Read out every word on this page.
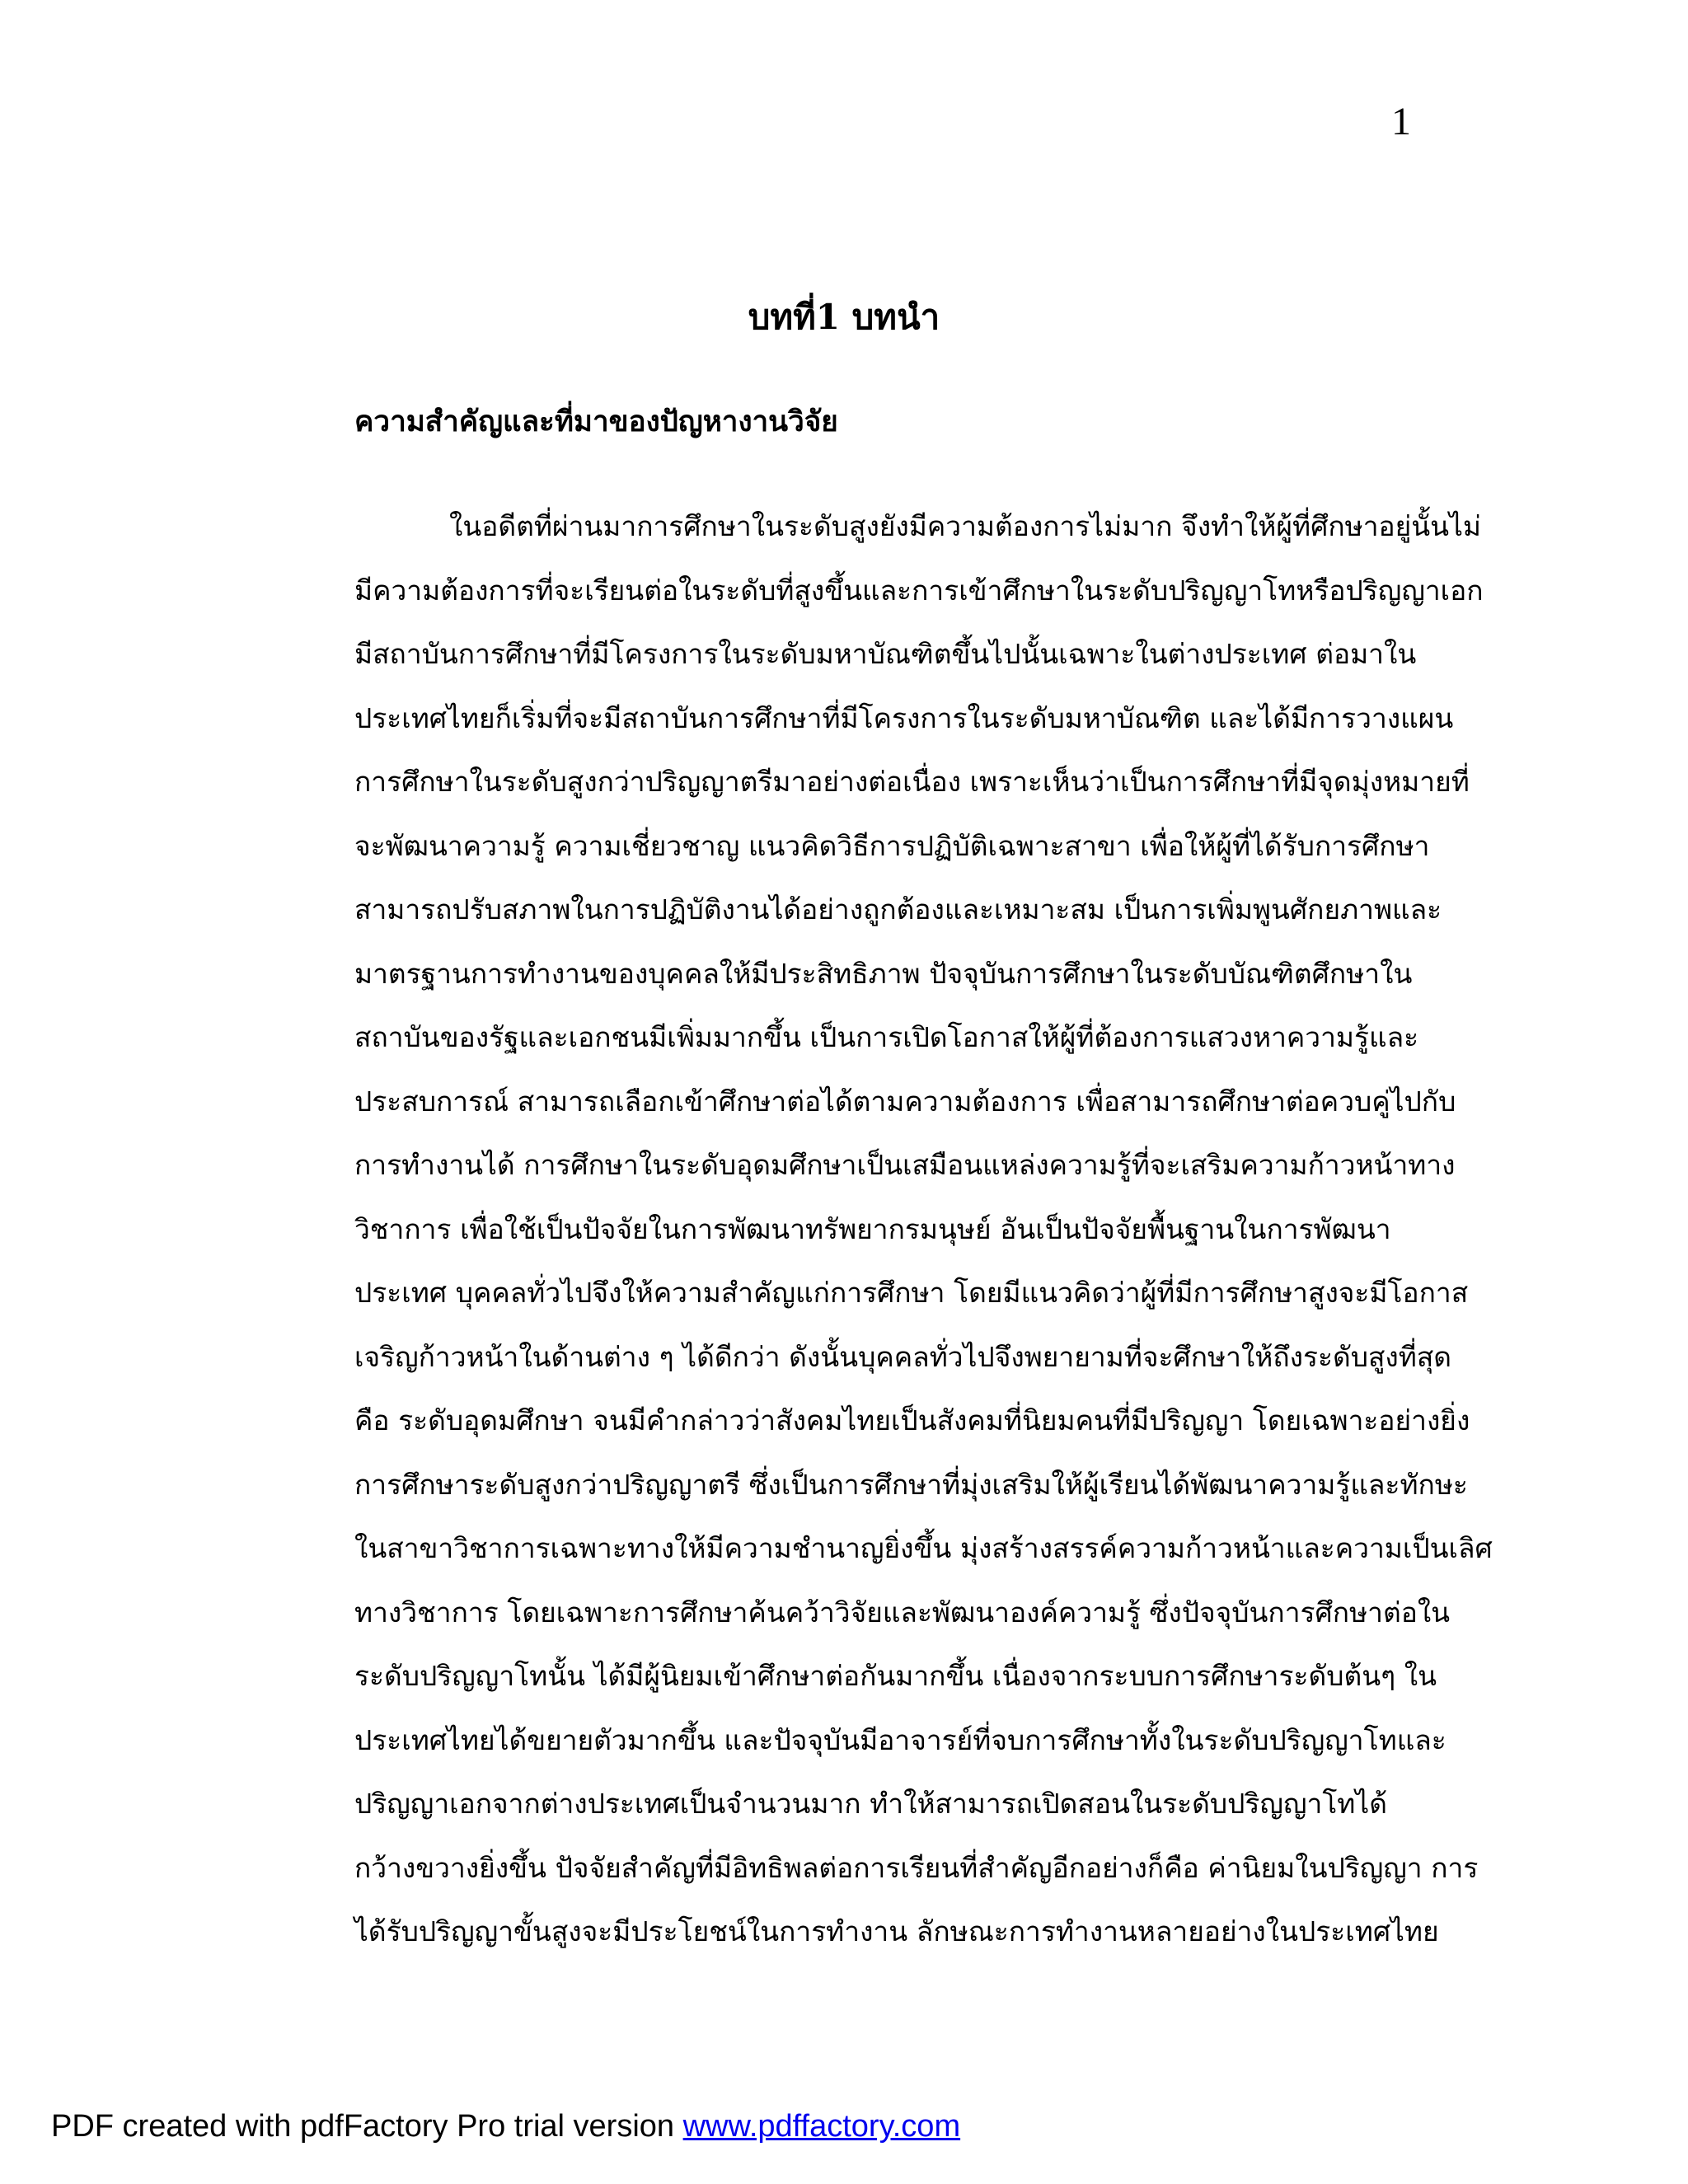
1
บทที่1 บทนำ
ความสำคัญและที่มาของปัญหางานวิจัย
ในอดีตที่ผ่านมาการศึกษาในระดับสูงยังมีความต้องการไม่มาก จึงทำให้ผู้ที่ศึกษาอยู่นั้นไม่
มีความต้องการที่จะเรียนต่อในระดับที่สูงขึ้นและการเข้าศึกษาในระดับปริญญาโทหรือปริญญาเอก
มีสถาบันการศึกษาที่มีโครงการในระดับมหาบัณฑิตขึ้นไปนั้นเฉพาะในต่างประเทศ ต่อมาใน
ประเทศไทยก็เริ่มที่จะมีสถาบันการศึกษาที่มีโครงการในระดับมหาบัณฑิต และได้มีการวางแผน
การศึกษาในระดับสูงกว่าปริญญาตรีมาอย่างต่อเนื่อง เพราะเห็นว่าเป็นการศึกษาที่มีจุดมุ่งหมายที่
จะพัฒนาความรู้ ความเชี่ยวชาญ แนวคิดวิธีการปฏิบัติเฉพาะสาขา เพื่อให้ผู้ที่ได้รับการศึกษา
สามารถปรับสภาพในการปฏิบัติงานได้อย่างถูกต้องและเหมาะสม เป็นการเพิ่มพูนศักยภาพและ
มาตรฐานการทำงานของบุคคลให้มีประสิทธิภาพ ปัจจุบันการศึกษาในระดับบัณฑิตศึกษาใน
สถาบันของรัฐและเอกชนมีเพิ่มมากขึ้น เป็นการเปิดโอกาสให้ผู้ที่ต้องการแสวงหาความรู้และ
ประสบการณ์ สามารถเลือกเข้าศึกษาต่อได้ตามความต้องการ เพื่อสามารถศึกษาต่อควบคู่ไปกับ
การทำงานได้ การศึกษาในระดับอุดมศึกษาเป็นเสมือนแหล่งความรู้ที่จะเสริมความก้าวหน้าทาง
วิชาการ เพื่อใช้เป็นปัจจัยในการพัฒนาทรัพยากรมนุษย์ อันเป็นปัจจัยพื้นฐานในการพัฒนา
ประเทศ บุคคลทั่วไปจึงให้ความสำคัญแก่การศึกษา โดยมีแนวคิดว่าผู้ที่มีการศึกษาสูงจะมีโอกาส
เจริญก้าวหน้าในด้านต่าง ๆ ได้ดีกว่า ดังนั้นบุคคลทั่วไปจึงพยายามที่จะศึกษาให้ถึงระดับสูงที่สุด
คือ ระดับอุดมศึกษา จนมีคำกล่าวว่าสังคมไทยเป็นสังคมที่นิยมคนที่มีปริญญา โดยเฉพาะอย่างยิ่ง
การศึกษาระดับสูงกว่าปริญญาตรี ซึ่งเป็นการศึกษาที่มุ่งเสริมให้ผู้เรียนได้พัฒนาความรู้และทักษะ
ในสาขาวิชาการเฉพาะทางให้มีความชำนาญยิ่งขึ้น มุ่งสร้างสรรค์ความก้าวหน้าและความเป็นเลิศ
ทางวิชาการ โดยเฉพาะการศึกษาค้นคว้าวิจัยและพัฒนาองค์ความรู้ ซึ่งปัจจุบันการศึกษาต่อใน
ระดับปริญญาโทนั้น ได้มีผู้นิยมเข้าศึกษาต่อกันมากขึ้น เนื่องจากระบบการศึกษาระดับต้นๆ ใน
ประเทศไทยได้ขยายตัวมากขึ้น และปัจจุบันมีอาจารย์ที่จบการศึกษาทั้งในระดับปริญญาโทและ
ปริญญาเอกจากต่างประเทศเป็นจำนวนมาก ทำให้สามารถเปิดสอนในระดับปริญญาโทได้
กว้างขวางยิ่งขึ้น ปัจจัยสำคัญที่มีอิทธิพลต่อการเรียนที่สำคัญอีกอย่างก็คือ ค่านิยมในปริญญา การ
ได้รับปริญญาขั้นสูงจะมีประโยชน์ในการทำงาน ลักษณะการทำงานหลายอย่างในประเทศไทย
PDF created with pdfFactory Pro trial version www.pdffactory.com
